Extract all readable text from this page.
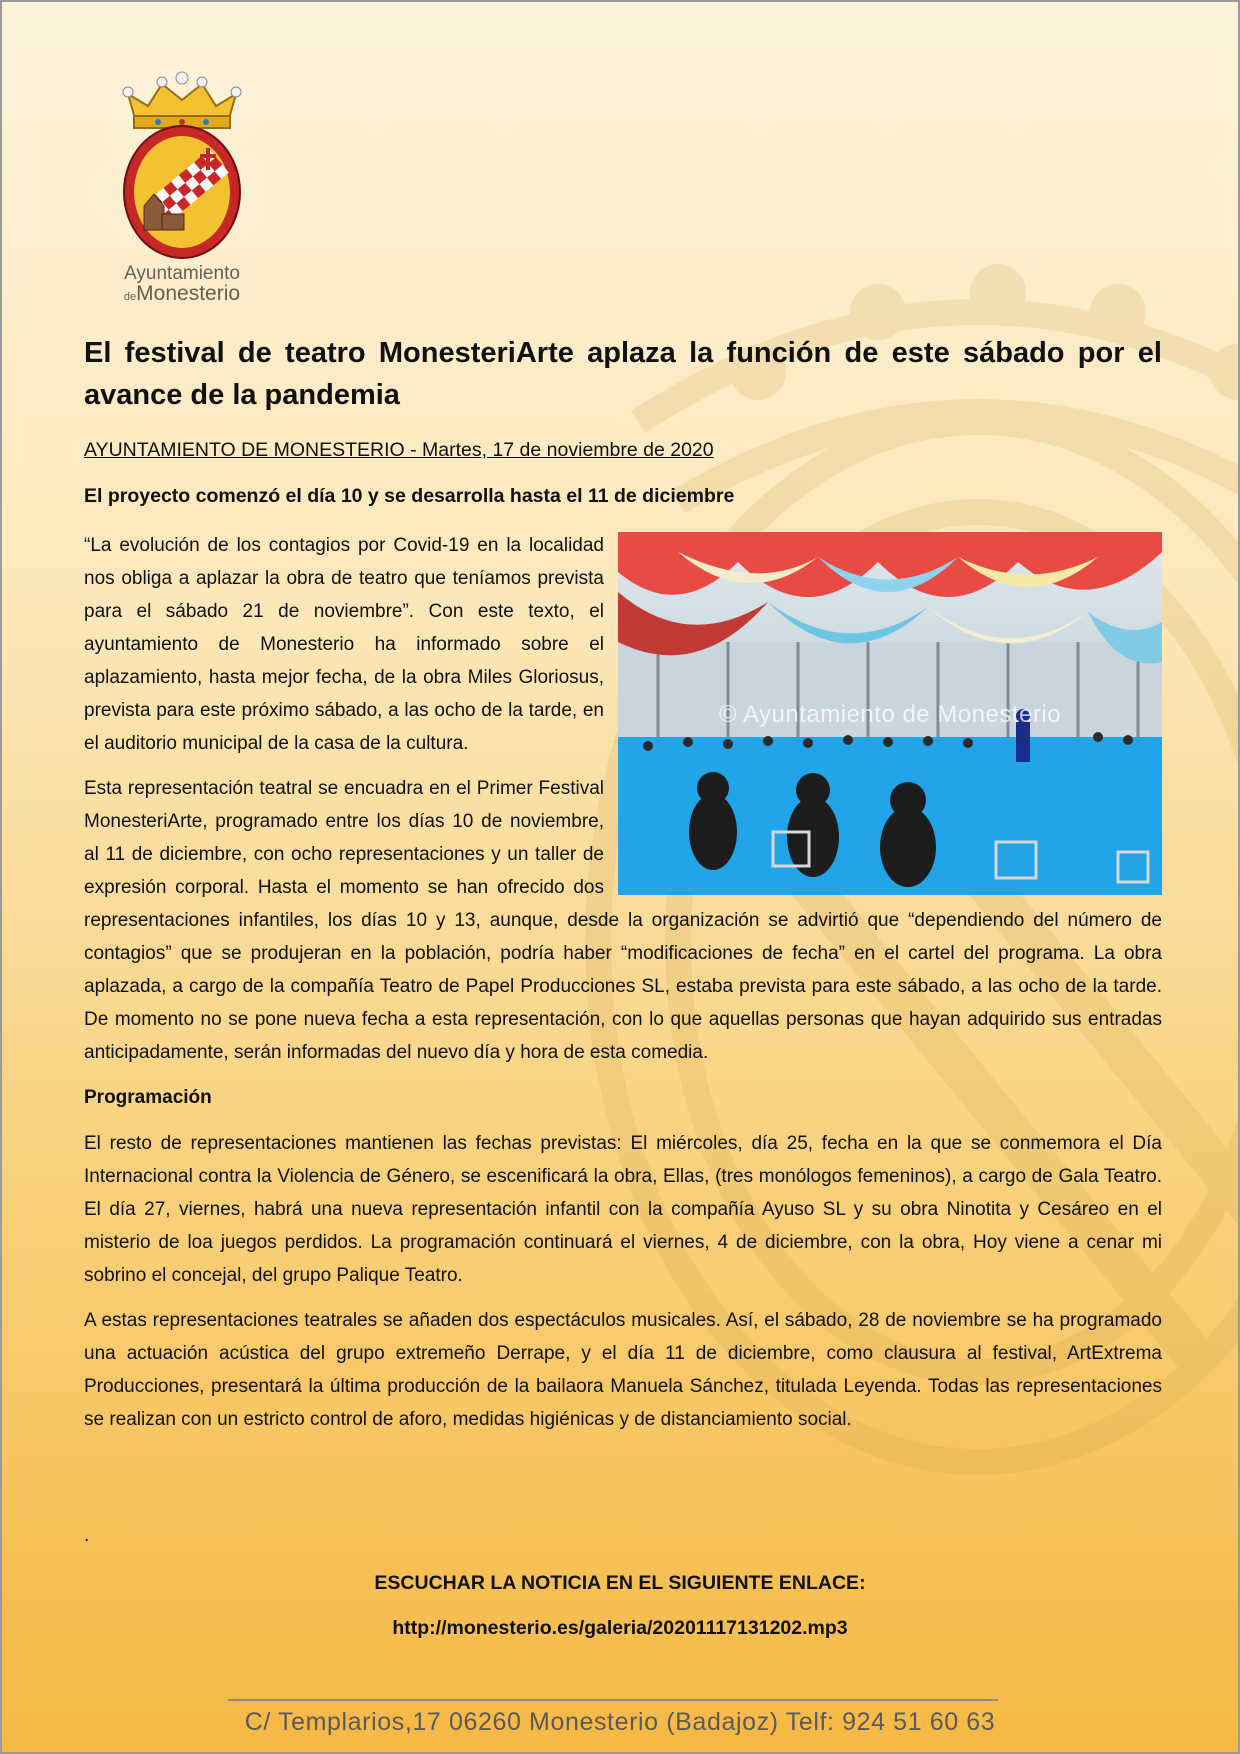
Ayuntamiento
deMonesterio
El festival de teatro MonesteriArte aplaza la función de este sábado por el avance de la pandemia

AYUNTAMIENTO DE MONESTERIO - Martes, 17 de noviembre de 2020

El proyecto comenzó el día 10 y se desarrolla hasta el 11 de diciembre

© Ayuntamiento de Monesterio

“La evolución de los contagios por Covid-19 en la localidad nos obliga a aplazar la obra de teatro que teníamos prevista para el sábado 21 de noviembre”. Con este texto, el ayuntamiento de Monesterio ha informado sobre el aplazamiento, hasta mejor fecha, de la obra Miles Gloriosus, prevista para este próximo sábado, a las ocho de la tarde, en el auditorio municipal de la casa de la cultura.

Esta representación teatral se encuadra en el Primer Festival MonesteriArte, programado entre los días 10 de noviembre, al 11 de diciembre, con ocho representaciones y un taller de expresión corporal. Hasta el momento se han ofrecido dos representaciones infantiles, los días 10 y 13, aunque, desde la organización se advirtió que “dependiendo del número de contagios” que se produjeran en la población, podría haber “modificaciones de fecha” en el cartel del programa. La obra aplazada, a cargo de la compañía Teatro de Papel Producciones SL, estaba prevista para este sábado, a las ocho de la tarde. De momento no se pone nueva fecha a esta representación, con lo que aquellas personas que hayan adquirido sus entradas anticipadamente, serán informadas del nuevo día y hora de esta comedia.

Programación

El resto de representaciones mantienen las fechas previstas: El miércoles, día 25, fecha en la que se conmemora el Día Internacional contra la Violencia de Género, se escenificará la obra, Ellas, (tres monólogos femeninos), a cargo de Gala Teatro. El día 27, viernes, habrá una nueva representación infantil con la compañía Ayuso SL y su obra Ninotita y Cesáreo en el misterio de loa juegos perdidos. La programación continuará el viernes, 4 de diciembre, con la obra, Hoy viene a cenar mi sobrino el concejal, del grupo Palique Teatro.

A estas representaciones teatrales se añaden dos espectáculos musicales. Así, el sábado, 28 de noviembre se ha programado una actuación acústica del grupo extremeño Derrape, y el día 11 de diciembre, como clausura al festival, ArtExtrema Producciones, presentará la última producción de la bailaora Manuela Sánchez, titulada Leyenda. Todas las representaciones se realizan con un estricto control de aforo, medidas higiénicas y de distanciamiento social.

.

ESCUCHAR LA NOTICIA EN EL SIGUIENTE ENLACE:

http://monesterio.es/galeria/20201117131202.mp3

C/ Templarios,17 06260 Monesterio (Badajoz) Telf: 924 51 60 63
